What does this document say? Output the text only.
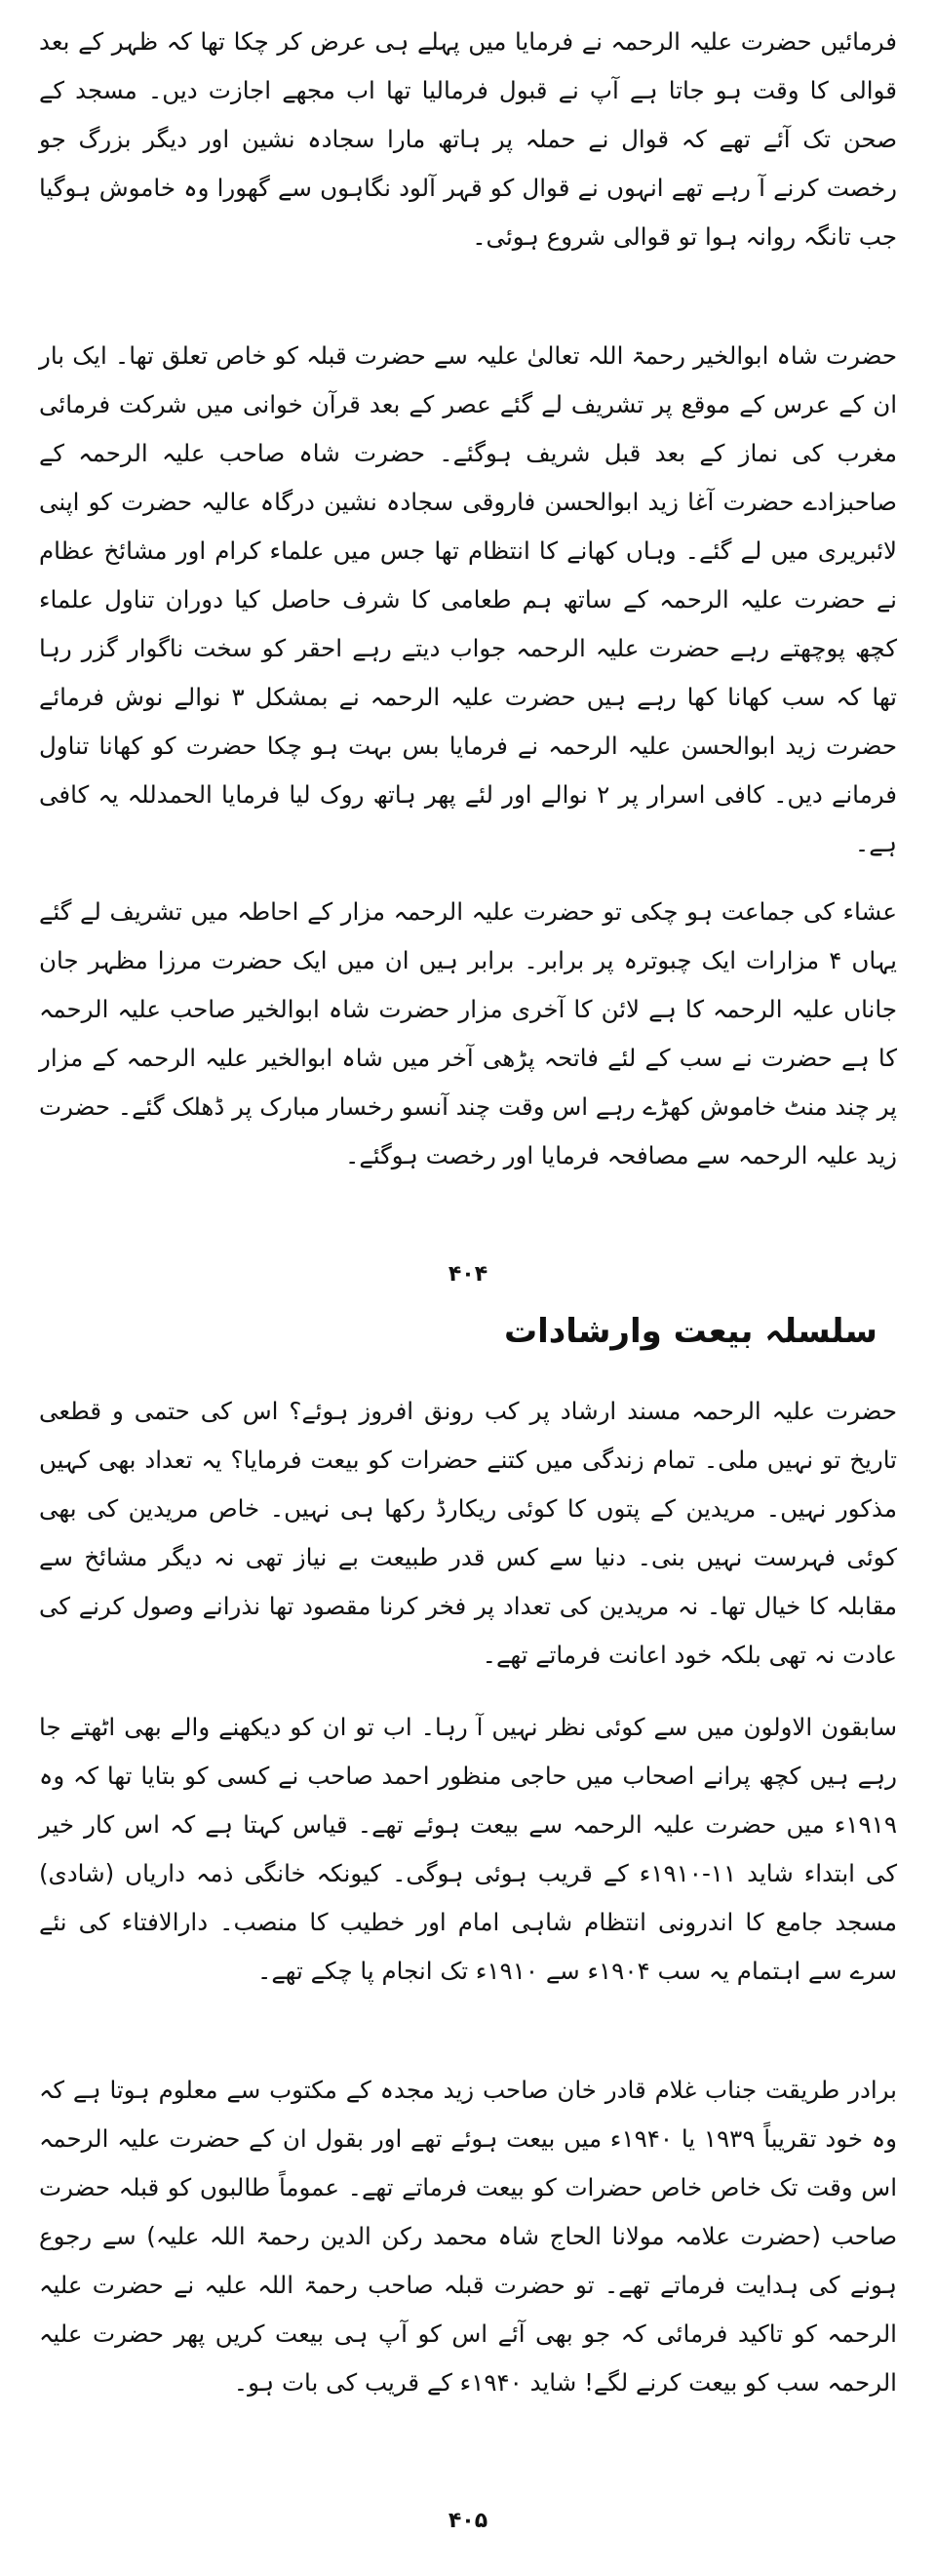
فرمائیں حضرت علیہ الرحمہ نے فرمایا میں پہلے ہی عرض کر چکا تھا کہ ظہر کے بعد قوالی کا وقت ہو جاتا ہے آپ نے قبول فرمالیا تھا اب مجھے اجازت دیں۔ مسجد کے صحن تک آئے تھے کہ قوال نے حملہ پر ہاتھ مارا سجادہ نشین اور دیگر بزرگ جو رخصت کرنے آ رہے تھے انہوں نے قوال کو قہر آلود نگاہوں سے گھورا وہ خاموش ہوگیا جب تانگہ روانہ ہوا تو قوالی شروع ہوئی۔

حضرت شاہ ابوالخیر رحمۃ اللہ تعالیٰ علیہ سے حضرت قبلہ کو خاص تعلق تھا۔ ایک بار ان کے عرس کے موقع پر تشریف لے گئے عصر کے بعد قرآن خوانی میں شرکت فرمائی مغرب کی نماز کے بعد قبل شریف ہوگئے۔ حضرت شاہ صاحب علیہ الرحمہ کے صاحبزادے حضرت آغا زید ابوالحسن فاروقی سجادہ نشین درگاہ عالیہ حضرت کو اپنی لائبریری میں لے گئے۔ وہاں کھانے کا انتظام تھا جس میں علماء کرام اور مشائخ عظام نے حضرت علیہ الرحمہ کے ساتھ ہم طعامی کا شرف حاصل کیا دوران تناول علماء کچھ پوچھتے رہے حضرت علیہ الرحمہ جواب دیتے رہے احقر کو سخت ناگوار گزر رہا تھا کہ سب کھانا کھا رہے ہیں حضرت علیہ الرحمہ نے بمشکل ۳ نوالے نوش فرمائے حضرت زید ابوالحسن علیہ الرحمہ نے فرمایا بس بہت ہو چکا حضرت کو کھانا تناول فرمانے دیں۔ کافی اسرار پر ۲ نوالے اور لئے پھر ہاتھ روک لیا فرمایا الحمدللہ یہ کافی ہے۔

عشاء کی جماعت ہو چکی تو حضرت علیہ الرحمہ مزار کے احاطہ میں تشریف لے گئے یہاں ۴ مزارات ایک چبوترہ پر برابر۔ برابر ہیں ان میں ایک حضرت مرزا مظہر جان جاناں علیہ الرحمہ کا ہے لائن کا آخری مزار حضرت شاہ ابوالخیر صاحب علیہ الرحمہ کا ہے حضرت نے سب کے لئے فاتحہ پڑھی آخر میں شاہ ابوالخیر علیہ الرحمہ کے مزار پر چند منٹ خاموش کھڑے رہے اس وقت چند آنسو رخسار مبارک پر ڈھلک گئے۔ حضرت زید علیہ الرحمہ سے مصافحہ فرمایا اور رخصت ہوگئے۔

۴۰۴
سلسلہ بیعت وارشادات

حضرت علیہ الرحمہ مسند ارشاد پر کب رونق افروز ہوئے؟ اس کی حتمی و قطعی تاریخ تو نہیں ملی۔ تمام زندگی میں کتنے حضرات کو بیعت فرمایا؟ یہ تعداد بھی کہیں مذکور نہیں۔ مریدین کے پتوں کا کوئی ریکارڈ رکھا ہی نہیں۔ خاص مریدین کی بھی کوئی فہرست نہیں بنی۔ دنیا سے کس قدر طبیعت بے نیاز تھی نہ دیگر مشائخ سے مقابلہ کا خیال تھا۔ نہ مریدین کی تعداد پر فخر کرنا مقصود تھا نذرانے وصول کرنے کی عادت نہ تھی بلکہ خود اعانت فرماتے تھے۔

سابقون الاولون میں سے کوئی نظر نہیں آ رہا۔ اب تو ان کو دیکھنے والے بھی اٹھتے جا رہے ہیں کچھ پرانے اصحاب میں حاجی منظور احمد صاحب نے کسی کو بتایا تھا کہ وہ ۱۹۱۹ء میں حضرت علیہ الرحمہ سے بیعت ہوئے تھے۔ قیاس کہتا ہے کہ اس کار خیر کی ابتداء شاید ۱۱-۱۹۱۰ء کے قریب ہوئی ہوگی۔ کیونکہ خانگی ذمہ داریاں (شادی) مسجد جامع کا اندرونی انتظام شاہی امام اور خطیب کا منصب۔ دارالافتاء کی نئے سرے سے اہتمام یہ سب ۱۹۰۴ء سے ۱۹۱۰ء تک انجام پا چکے تھے۔

برادر طریقت جناب غلام قادر خان صاحب زید مجدہ کے مکتوب سے معلوم ہوتا ہے کہ وہ خود تقریباً ۱۹۳۹ یا ۱۹۴۰ء میں بیعت ہوئے تھے اور بقول ان کے حضرت علیہ الرحمہ اس وقت تک خاص خاص حضرات کو بیعت فرماتے تھے۔ عموماً طالبوں کو قبلہ حضرت صاحب (حضرت علامہ مولانا الحاج شاہ محمد رکن الدین رحمۃ اللہ علیہ) سے رجوع ہونے کی ہدایت فرماتے تھے۔ تو حضرت قبلہ صاحب رحمۃ اللہ علیہ نے حضرت علیہ الرحمہ کو تاکید فرمائی کہ جو بھی آئے اس کو آپ ہی بیعت کریں پھر حضرت علیہ الرحمہ سب کو بیعت کرنے لگے! شاید ۱۹۴۰ء کے قریب کی بات ہو۔

۴۰۵
